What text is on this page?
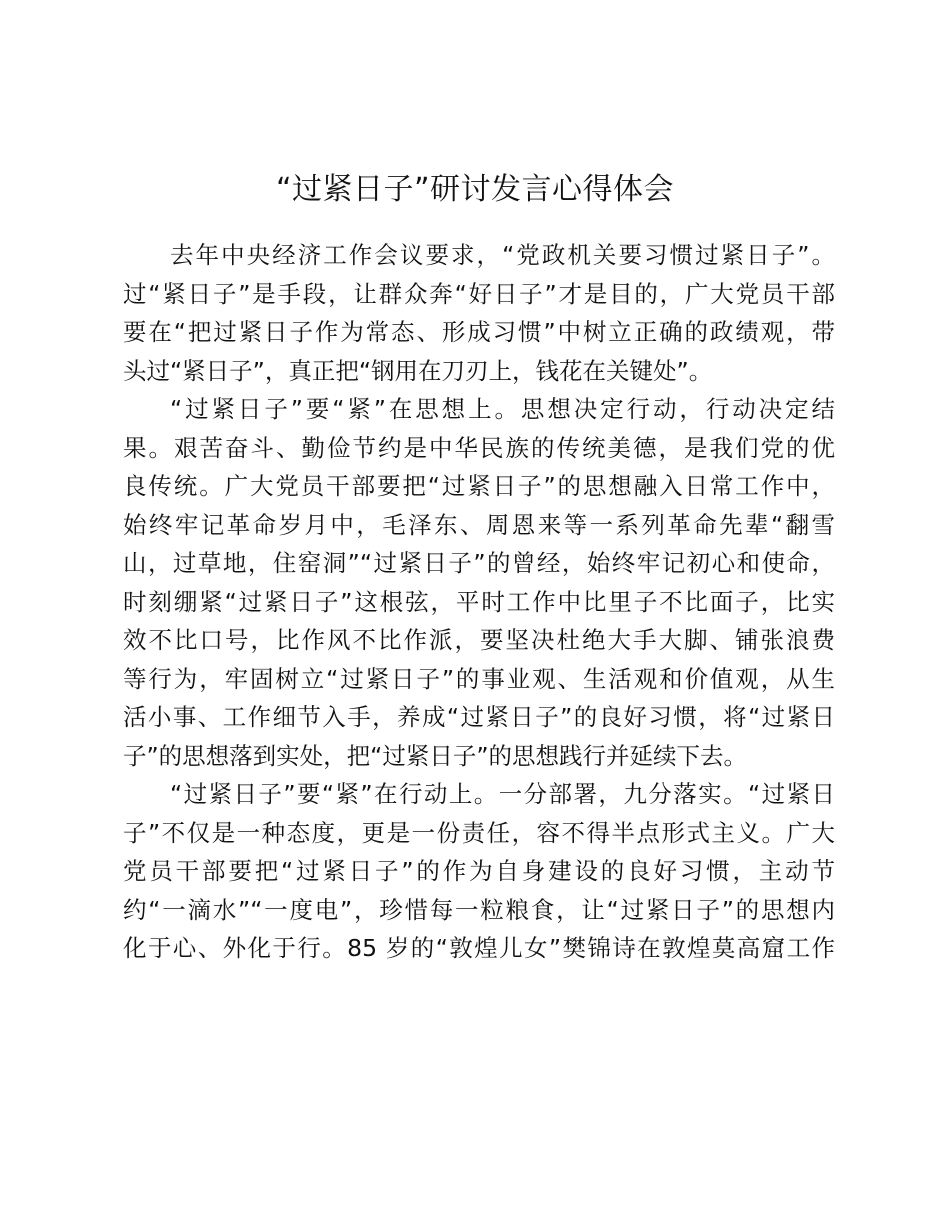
“过紧日子”研讨发言心得体会
去年中央经济工作会议要求，“党政机关要习惯过紧日子”。
过“紧日子”是手段，让群众奔“好日子”才是目的，广大党员干部
要在“把过紧日子作为常态、形成习惯”中树立正确的政绩观，带
头过“紧日子”，真正把“钢用在刀刃上，钱花在关键处”。
“过紧日子”要“紧”在思想上。思想决定行动，行动决定结
果。艰苦奋斗、勤俭节约是中华民族的传统美德，是我们党的优
良传统。广大党员干部要把“过紧日子”的思想融入日常工作中，
始终牢记革命岁月中，毛泽东、周恩来等一系列革命先辈“翻雪
山，过草地，住窑洞”“过紧日子”的曾经，始终牢记初心和使命，
时刻绷紧“过紧日子”这根弦，平时工作中比里子不比面子，比实
效不比口号，比作风不比作派，要坚决杜绝大手大脚、铺张浪费
等行为，牢固树立“过紧日子”的事业观、生活观和价值观，从生
活小事、工作细节入手，养成“过紧日子”的良好习惯，将“过紧日
子”的思想落到实处，把“过紧日子”的思想践行并延续下去。
“过紧日子”要“紧”在行动上。一分部署，九分落实。“过紧日
子”不仅是一种态度，更是一份责任，容不得半点形式主义。广大
党员干部要把“过紧日子”的作为自身建设的良好习惯，主动节
约“一滴水”“一度电”，珍惜每一粒粮食，让“过紧日子”的思想内
化于心、外化于行。85 岁的“敦煌儿女”樊锦诗在敦煌莫高窟工作
